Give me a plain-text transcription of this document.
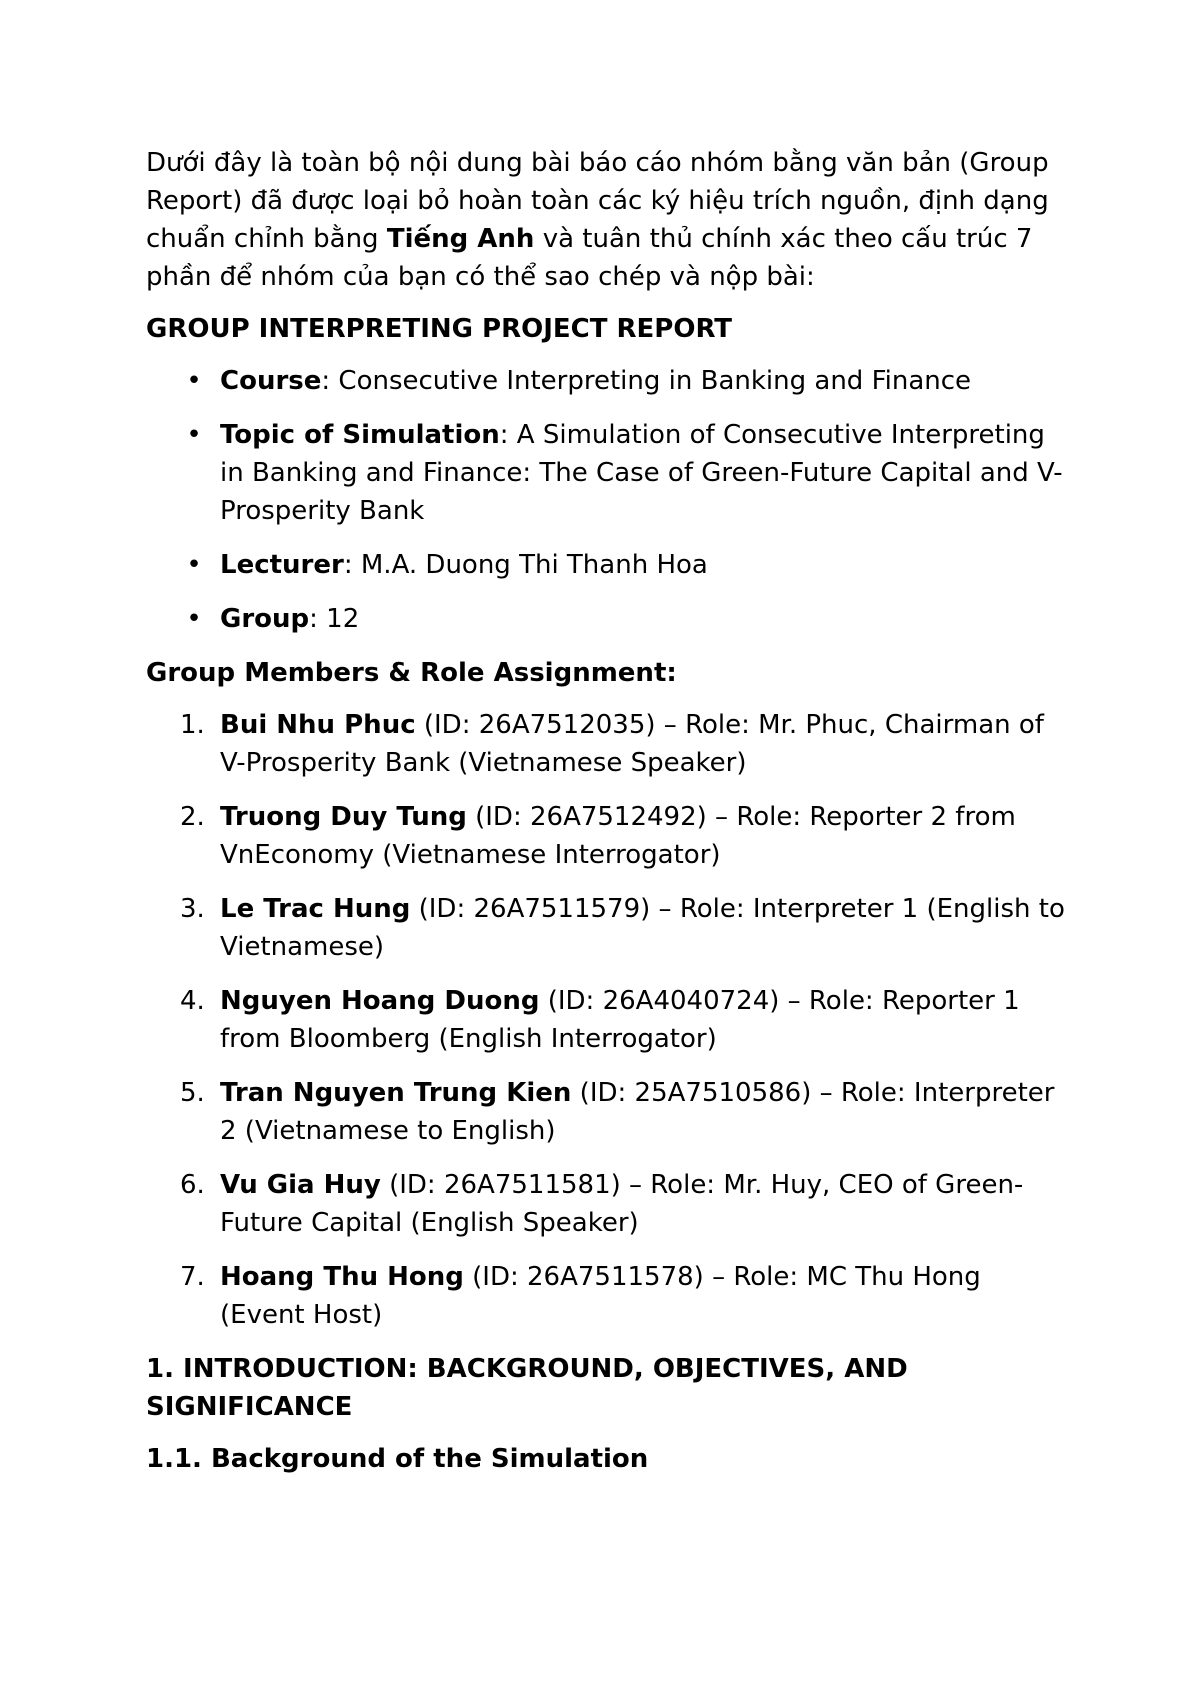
Dưới đây là toàn bộ nội dung bài báo cáo nhóm bằng văn bản (Group Report) đã được loại bỏ hoàn toàn các ký hiệu trích nguồn, định dạng chuẩn chỉnh bằng Tiếng Anh và tuân thủ chính xác theo cấu trúc 7 phần để nhóm của bạn có thể sao chép và nộp bài:

GROUP INTERPRETING PROJECT REPORT

• Course: Consecutive Interpreting in Banking and Finance
• Topic of Simulation: A Simulation of Consecutive Interpreting in Banking and Finance: The Case of Green-Future Capital and V-Prosperity Bank
• Lecturer: M.A. Duong Thi Thanh Hoa
• Group: 12

Group Members & Role Assignment:

1. Bui Nhu Phuc (ID: 26A7512035) – Role: Mr. Phuc, Chairman of V-Prosperity Bank (Vietnamese Speaker)
2. Truong Duy Tung (ID: 26A7512492) – Role: Reporter 2 from VnEconomy (Vietnamese Interrogator)
3. Le Trac Hung (ID: 26A7511579) – Role: Interpreter 1 (English to Vietnamese)
4. Nguyen Hoang Duong (ID: 26A4040724) – Role: Reporter 1 from Bloomberg (English Interrogator)
5. Tran Nguyen Trung Kien (ID: 25A7510586) – Role: Interpreter 2 (Vietnamese to English)
6. Vu Gia Huy (ID: 26A7511581) – Role: Mr. Huy, CEO of Green-Future Capital (English Speaker)
7. Hoang Thu Hong (ID: 26A7511578) – Role: MC Thu Hong (Event Host)

1. INTRODUCTION: BACKGROUND, OBJECTIVES, AND SIGNIFICANCE

1.1. Background of the Simulation
